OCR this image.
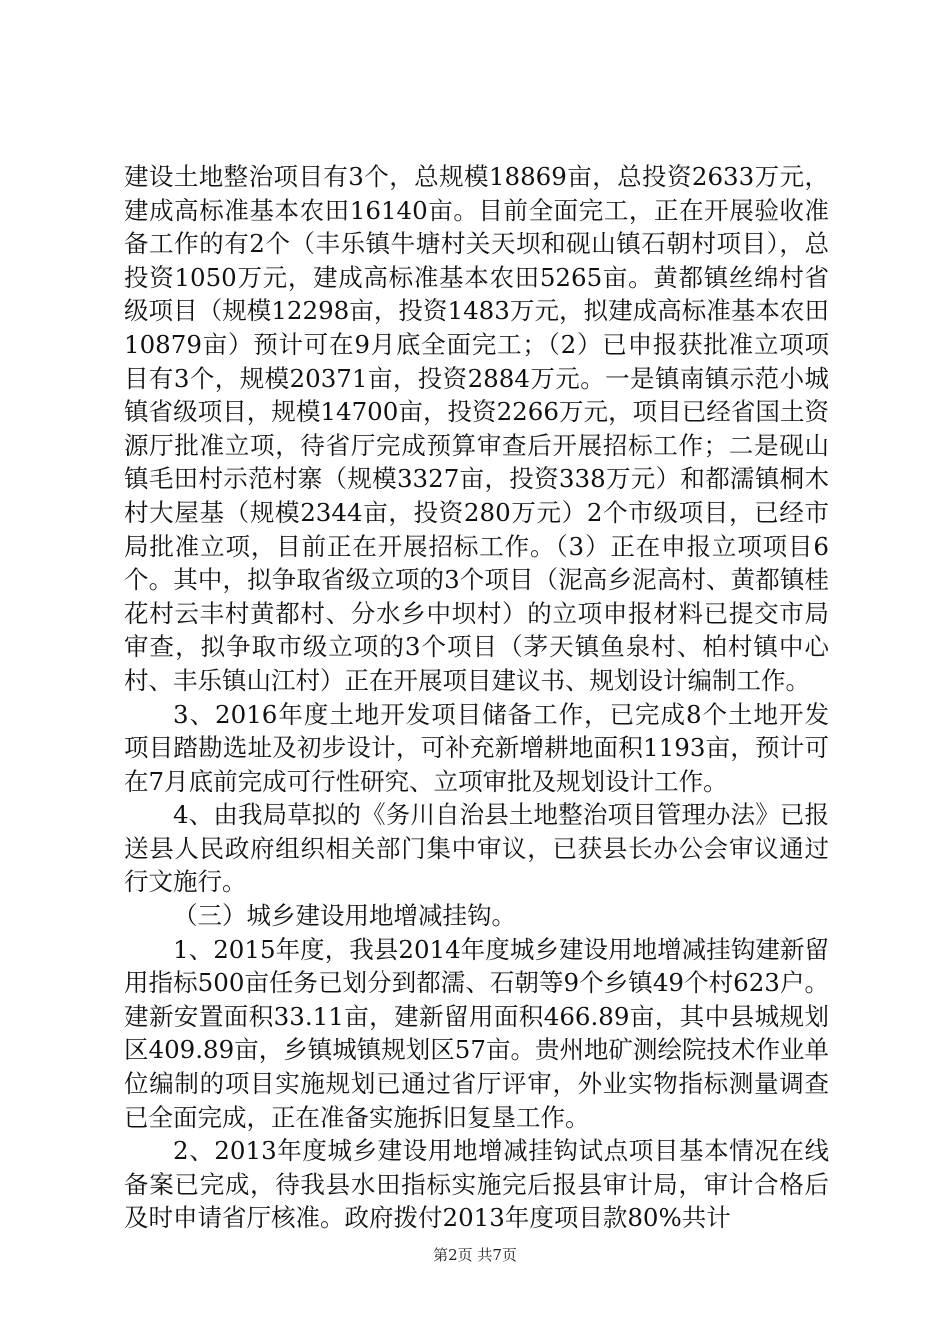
建设土地整治项目有3个，总规模18869亩，总投资2633万元，建成高标准基本农田16140亩。目前全面完工，正在开展验收准备工作的有2个（丰乐镇牛塘村关天坝和砚山镇石朝村项目），总投资1050万元，建成高标准基本农田5265亩。黄都镇丝绵村省级项目（规模12298亩，投资1483万元，拟建成高标准基本农田10879亩）预计可在9月底全面完工；（2）已申报获批准立项项目有3个，规模20371亩，投资2884万元。一是镇南镇示范小城镇省级项目，规模14700亩，投资2266万元，项目已经省国土资源厅批准立项，待省厅完成预算审查后开展招标工作；二是砚山镇毛田村示范村寨（规模3327亩，投资338万元）和都濡镇桐木村大屋基（规模2344亩，投资280万元）2个市级项目，已经市局批准立项，目前正在开展招标工作。（3）正在申报立项项目6个。其中，拟争取省级立项的3个项目（泥高乡泥高村、黄都镇桂花村云丰村黄都村、分水乡中坝村）的立项申报材料已提交市局审查，拟争取市级立项的3个项目（茅天镇鱼泉村、柏村镇中心村、丰乐镇山江村）正在开展项目建议书、规划设计编制工作。

3、2016年度土地开发项目储备工作，已完成8个土地开发项目踏勘选址及初步设计，可补充新增耕地面积1193亩，预计可在7月底前完成可行性研究、立项审批及规划设计工作。

4、由我局草拟的《务川自治县土地整治项目管理办法》已报送县人民政府组织相关部门集中审议，已获县长办公会审议通过行文施行。

（三）城乡建设用地增减挂钩。

1、2015年度，我县2014年度城乡建设用地增减挂钩建新留用指标500亩任务已划分到都濡、石朝等9个乡镇49个村623户。建新安置面积33.11亩，建新留用面积466.89亩，其中县城规划区409.89亩，乡镇城镇规划区57亩。贵州地矿测绘院技术作业单位编制的项目实施规划已通过省厅评审，外业实物指标测量调查已全面完成，正在准备实施拆旧复垦工作。

2、2013年度城乡建设用地增减挂钩试点项目基本情况在线备案已完成，待我县水田指标实施完后报县审计局，审计合格后及时申请省厅核准。政府拨付2013年度项目款80%共计

第2页 共7页
